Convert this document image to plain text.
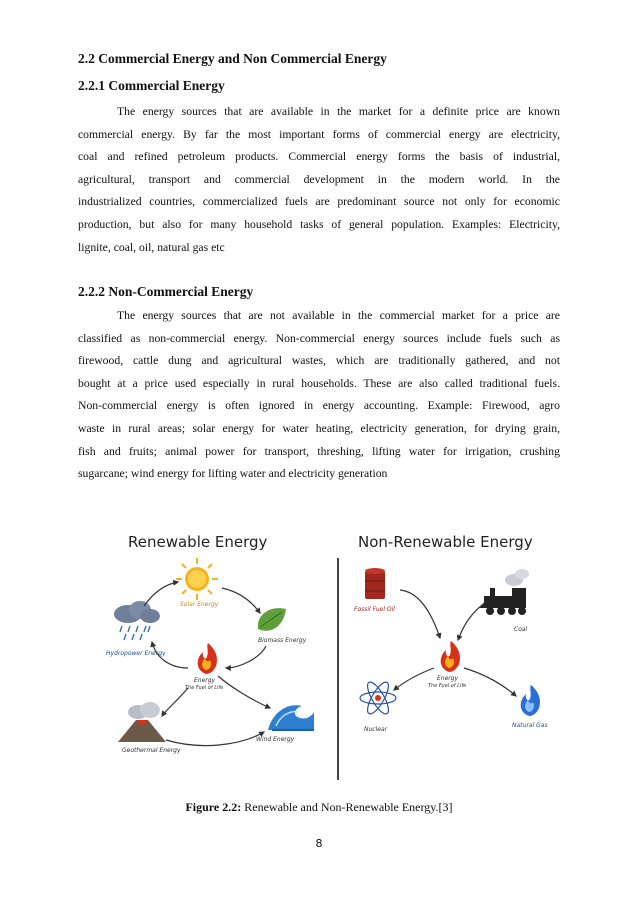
2.2 Commercial Energy and Non Commercial Energy
2.2.1 Commercial Energy
The energy sources that are available in the market for a definite price are known
commercial energy. By far the most important forms of commercial energy are electricity,
coal and refined petroleum products. Commercial energy forms the basis of industrial,
agricultural, transport and commercial development in the modern world. In the
industrialized countries, commercialized fuels are predominant source not only for economic
production, but also for many household tasks of general population. Examples: Electricity,
lignite, coal, oil, natural gas etc
2.2.2 Non-Commercial Energy
The energy sources that are not available in the commercial market for a price are
classified as non-commercial energy. Non-commercial energy sources include fuels such as
firewood, cattle dung and agricultural wastes, which are traditionally gathered, and not
bought at a price used especially in rural households. These are also called traditional fuels.
Non-commercial energy is often ignored in energy accounting. Example: Firewood, agro
waste in rural areas; solar energy for water heating, electricity generation, for drying grain,
fish and fruits; animal power for transport, threshing, lifting water for irrigation, crushing
sugarcane; wind energy for lifting water and electricity generation
Renewable Energy	Non-Renewable Energy
Solar Energy
Biomass Energy
Hydropower Energy
Energy
The Fuel of Life
Geothermal Energy
Wind Energy
Fossil Fuel Oil
Coal
Energy
The Fuel of Life
Nuclear
Natural Gas
Figure 2.2: Renewable and Non-Renewable Energy.[3]
8
